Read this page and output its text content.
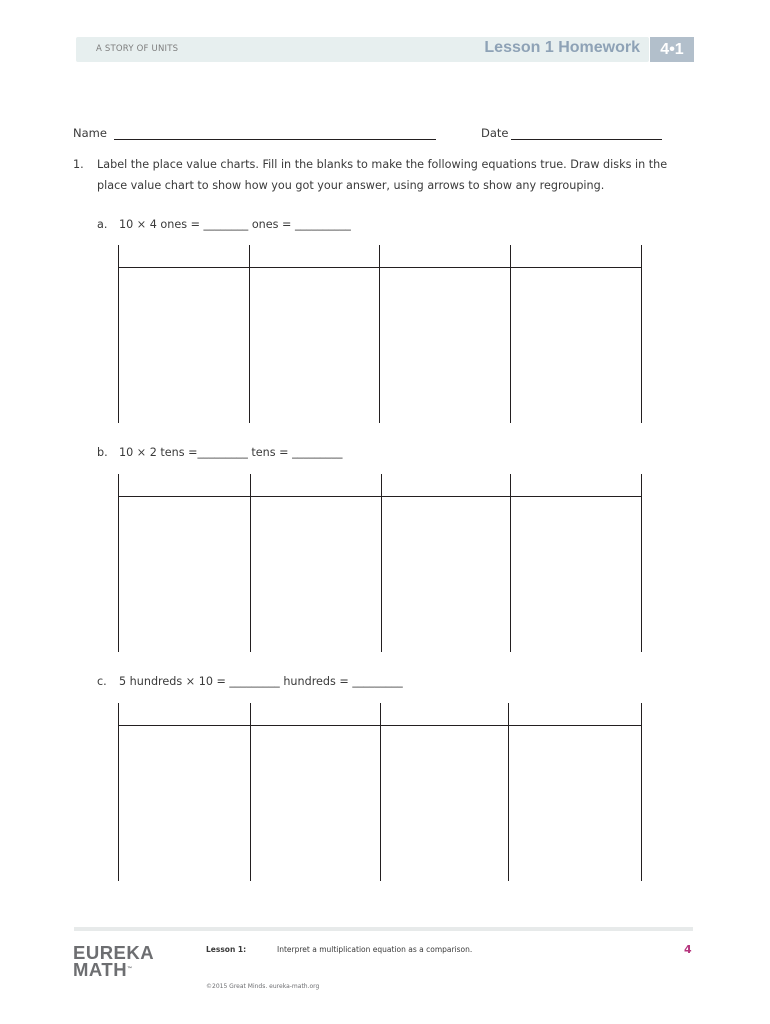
A STORY OF UNITS	Lesson 1 Homework	4•1
Name	Date
1. Label the place value charts. Fill in the blanks to make the following equations true. Draw disks in the
place value chart to show how you got your answer, using arrows to show any regrouping.
a. 10 × 4 ones = ________ ones = __________
b. 10 × 2 tens =_________ tens = _________
c. 5 hundreds × 10 = _________ hundreds = _________
EUREKA
MATH™
Lesson 1:	Interpret a multiplication equation as a comparison.	4
©2015 Great Minds. eureka-math.org
